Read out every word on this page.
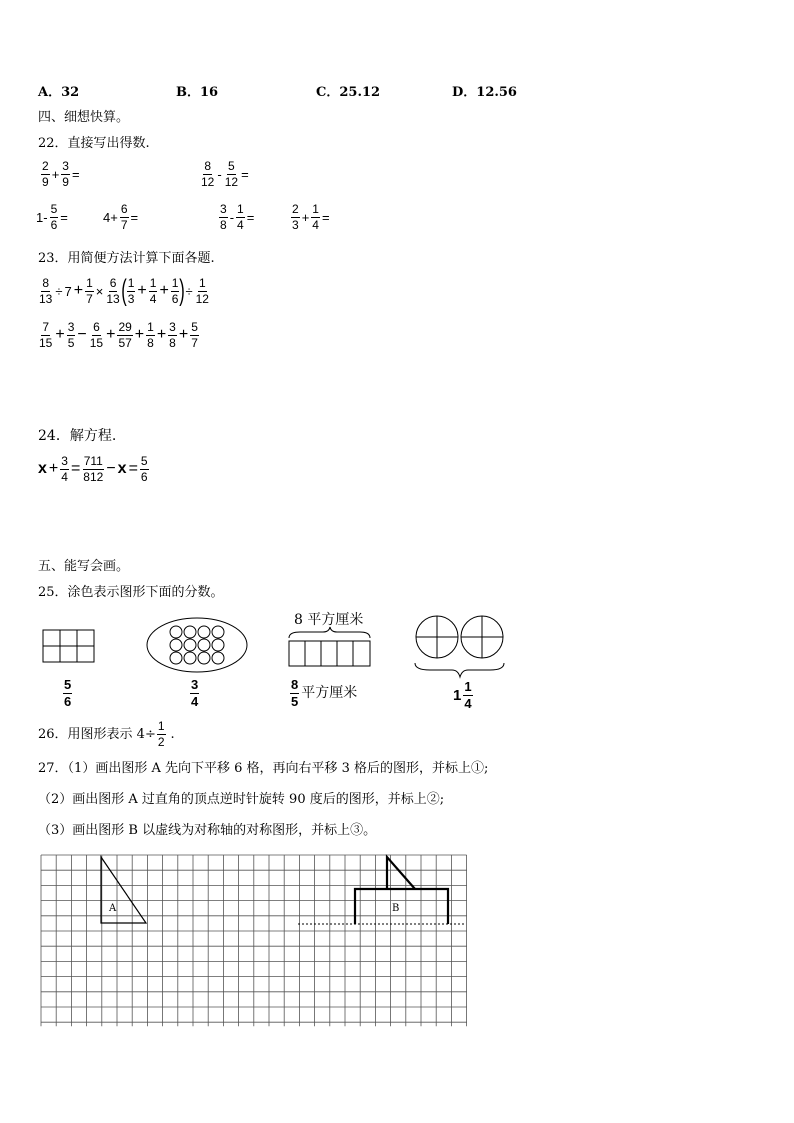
A．32	B．16	C．25.12	D．12.56
四、细想快算。
22．直接写出得数.
$\frac{2}{9} + \frac{3}{9}$ =	$\frac{8}{12} - \frac{5}{12}$ =
$1- \frac{5}{6}$ =	$4+ \frac{6}{7}$ =	$\frac{3}{8} - \frac{1}{4}$ =	$\frac{2}{3} + \frac{1}{4}$ =
23．用简便方法计算下面各题.
$\frac{8}{13} \div 7 + \frac{1}{7} \times \frac{6}{13}$ ( $\frac{1}{3} + \frac{1}{4} + \frac{1}{6}$ ) ÷ $\frac{1}{12}$
$\frac{7}{15} + \frac{3}{5} - \frac{6}{15} + \frac{29}{57} + \frac{1}{8} + \frac{3}{8} + \frac{5}{7}$
24．解方程.
$x + \frac{3}{4} = \frac{711}{812} - x = \frac{5}{6}$
五、能写会画。
25．涂色表示图形下面的分数。
$\frac{5}{6}$	$\frac{3}{4}$
8 平方厘米
$\frac{8}{5}$ 平方厘米	$1 \frac{1}{4}$
26．用图形表示 $4\div \frac{1}{2}$ .
27．（1）画出图形 A 先向下平移 6 格，再向右平移 3 格后的图形，并标上①;
（2）画出图形 A 过直角的顶点逆时针旋转 90 度后的图形，并标上②;
（3）画出图形 B 以虚线为对称轴的对称图形，并标上③。
A	B
